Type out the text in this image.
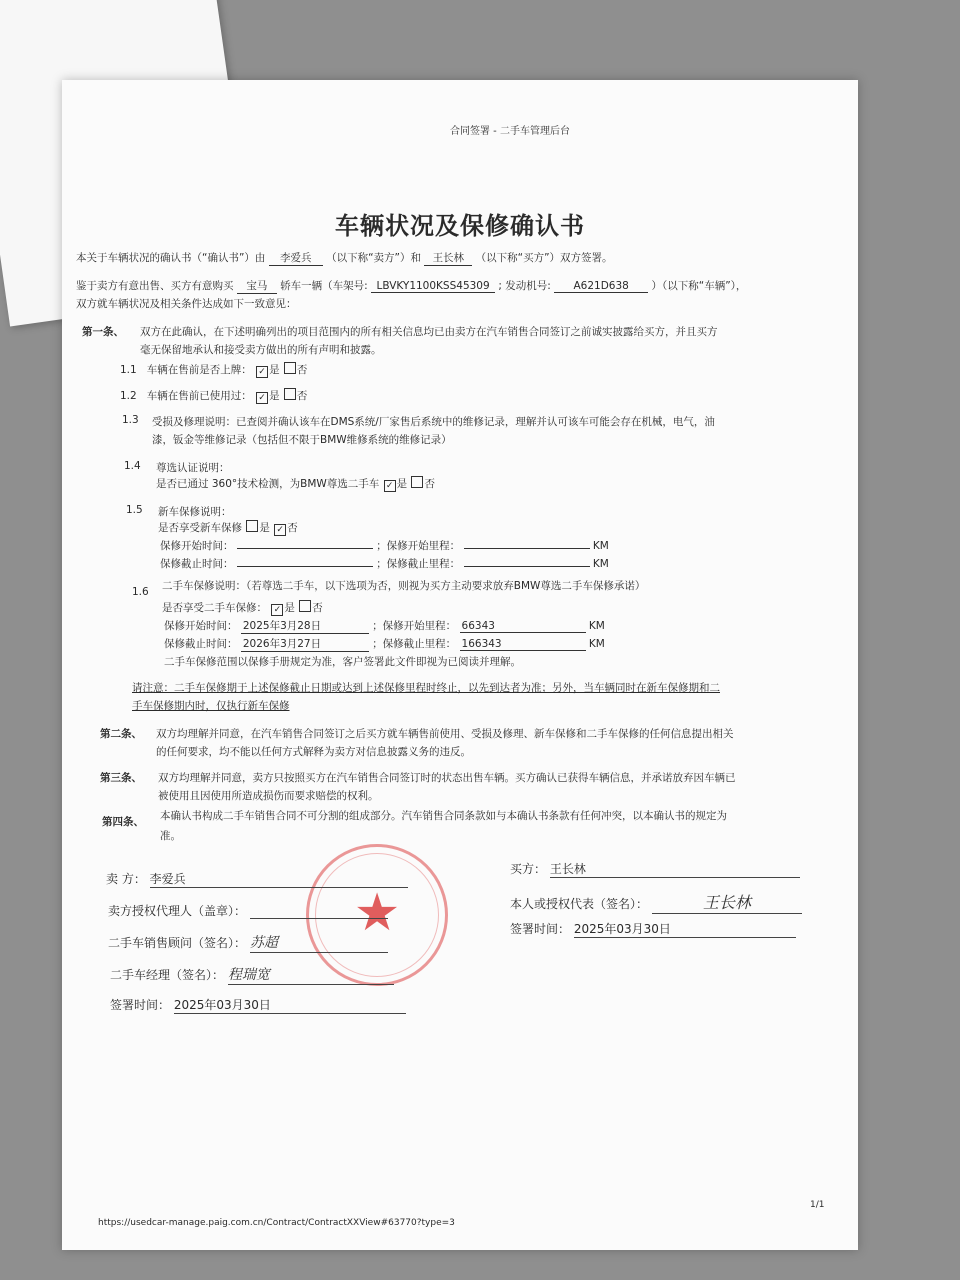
合同签署 - 二手车管理后台
车辆状况及保修确认书
本关于车辆状况的确认书（“确认书”）由 李爱兵 （以下称“卖方”）和 王长林 （以下称“买方”）双方签署。
鉴于卖方有意出售、买方有意购买 宝马 轿车一辆（车架号: LBVKY1100KSS45309 ; 发动机号: A621D638 ）（以下称“车辆”），
双方就车辆状况及相关条件达成如下一致意见：
第一条、 双方在此确认，在下述明确列出的项目范围内的所有相关信息均已由卖方在汽车销售合同签订之前诚实披露给买方，并且买方
毫无保留地承认和接受卖方做出的所有声明和披露。
1.1 车辆在售前是否上牌： ✓ 是 否
1.2 车辆在售前已使用过： ✓ 是 否
1.3 受损及修理说明：已查阅并确认该车在DMS系统/厂家售后系统中的维修记录，理解并认可该车可能会存在机械，电气，油
漆，钣金等维修记录（包括但不限于BMW维修系统的维修记录）
1.4 尊选认证说明：
是否已通过 360°技术检测，为BMW尊选二手车 ✓ 是 否
1.5 新车保修说明：
是否享受新车保修 是 ✓ 否
保修开始时间：	；保修开始里程：	KM
保修截止时间：	；保修截止里程：	KM
1.6 二手车保修说明：（若尊选二手车，以下选项为否，则视为买方主动要求放弃BMW尊选二手车保修承诺）
是否享受二手车保修： ✓ 是 否
保修开始时间： 2025年3月28日	；保修开始里程： 66343	KM
保修截止时间： 2026年3月27日	；保修截止里程： 166343	KM
二手车保修范围以保修手册规定为准，客户签署此文件即视为已阅读并理解。
请注意：二手车保修期于上述保修截止日期或达到上述保修里程时终止，以先到达者为准；另外，当车辆同时在新车保修期和二
手车保修期内时，仅执行新车保修
第二条、 双方均理解并同意，在汽车销售合同签订之后买方就车辆售前使用、受损及修理、新车保修和二手车保修的任何信息提出相关
的任何要求，均不能以任何方式解释为卖方对信息披露义务的违反。
第三条、 双方均理解并同意，卖方只按照买方在汽车销售合同签订时的状态出售车辆。买方确认已获得车辆信息，并承诺放弃因车辆已
被使用且因使用所造成损伤而要求赔偿的权利。
第四条、 本确认书构成二手车销售合同不可分割的组成部分。汽车销售合同条款如与本确认书条款有任何冲突，以本确认书的规定为
准。
★
卖 方： 李爱兵
卖方授权代理人（盖章）：
二手车销售顾问（签名）： 苏超
二手车经理（签名）： 程瑞宽
签署时间： 2025年03月30日
买方： 王长林
本人或授权代表（签名）：	王长林
签署时间： 2025年03月30日
1/1
https://usedcar-manage.paig.com.cn/Contract/ContractXXView#63770?type=3
